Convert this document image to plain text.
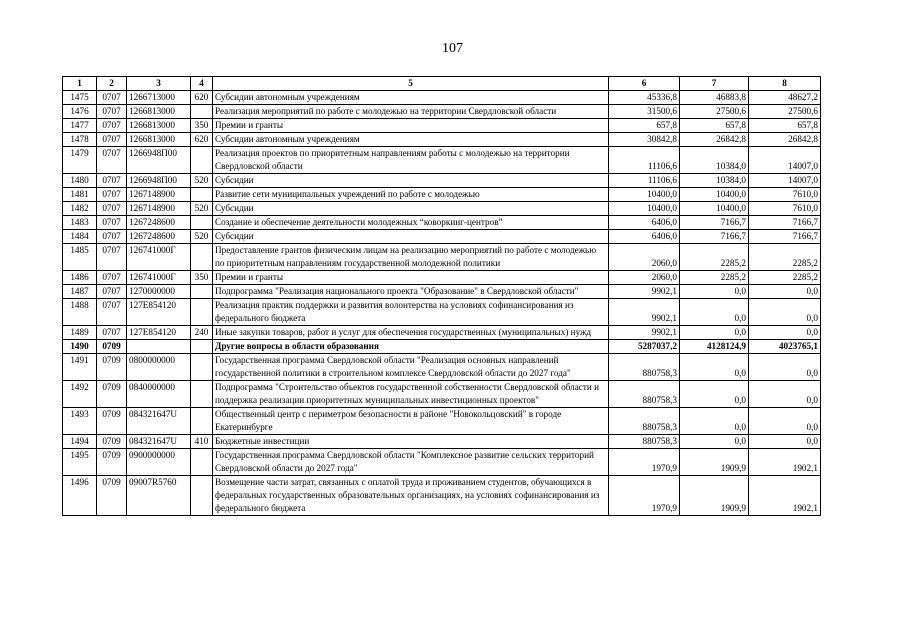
107
1	2	3	4	5	6	7	8
1475	0707	1266713000	620	Субсидии автономным учреждениям	45336,8	46883,8	48627,2
1476	0707	1266813000		Реализация мероприятий по работе с молодежью на территории Свердловской области	31500,6	27500,6	27500,6
1477	0707	1266813000	350	Премии и гранты	657,8	657,8	657,8
1478	0707	1266813000	620	Субсидии автономным учреждениям	30842,8	26842,8	26842,8
1479	0707	1266948П00		Реализация проектов по приоритетным направлениям работы с молодежью на территории Свердловской области	11106,6	10384,0	14007,0
1480	0707	1266948П00	520	Субсидии	11106,6	10384,0	14007,0
1481	0707	1267148900		Развитие сети муниципальных учреждений по работе с молодежью	10400,0	10400,0	7610,0
1482	0707	1267148900	520	Субсидии	10400,0	10400,0	7610,0
1483	0707	1267248600		Создание и обеспечение деятельности молодежных “коворкинг-центров”	6406,0	7166,7	7166,7
1484	0707	1267248600	520	Субсидии	6406,0	7166,7	7166,7
1485	0707	126741000Г		Предоставление грантов физическим лицам на реализацию мероприятий по работе с молодежью по приоритетным направлениям государственной молодежной политики	2060,0	2285,2	2285,2
1486	0707	126741000Г	350	Премии и гранты	2060,0	2285,2	2285,2
1487	0707	1270000000		Подпрограмма "Реализация национального проекта "Образование" в Свердловской области"	9902,1	0,0	0,0
1488	0707	127E854120		Реализация практик поддержки и развития волонтерства на условиях софинансирования из федерального бюджета	9902,1	0,0	0,0
1489	0707	127E854120	240	Иные закупки товаров, работ и услуг для обеспечения государственных (муниципальных) нужд	9902,1	0,0	0,0
1490	0709			Другие вопросы в области образования	5287037,2	4128124,9	4023765,1
1491	0709	0800000000		Государственная программа Свердловской области "Реализация основных направлений государственной политики в строительном комплексе Свердловской области до 2027 года"	880758,3	0,0	0,0
1492	0709	0840000000		Подпрограмма "Строительство объектов государственной собственности Свердловской области и поддержка реализации приоритетных муниципальных инвестиционных проектов"	880758,3	0,0	0,0
1493	0709	084321647U		Общественный центр с периметром безопасности в районе "Новокольцовский" в городе Екатеринбурге	880758,3	0,0	0,0
1494	0709	084321647U	410	Бюджетные инвестиции	880758,3	0,0	0,0
1495	0709	0900000000		Государственная программа Свердловской области "Комплексное развитие сельских территорий Свердловской области до 2027 года"	1970,9	1909,9	1902,1
1496	0709	09007R5760		Возмещение части затрат, связанных с оплатой труда и проживанием студентов, обучающихся в федеральных государственных образовательных организациях, на условиях софинансирования из федерального бюджета	1970,9	1909,9	1902,1
